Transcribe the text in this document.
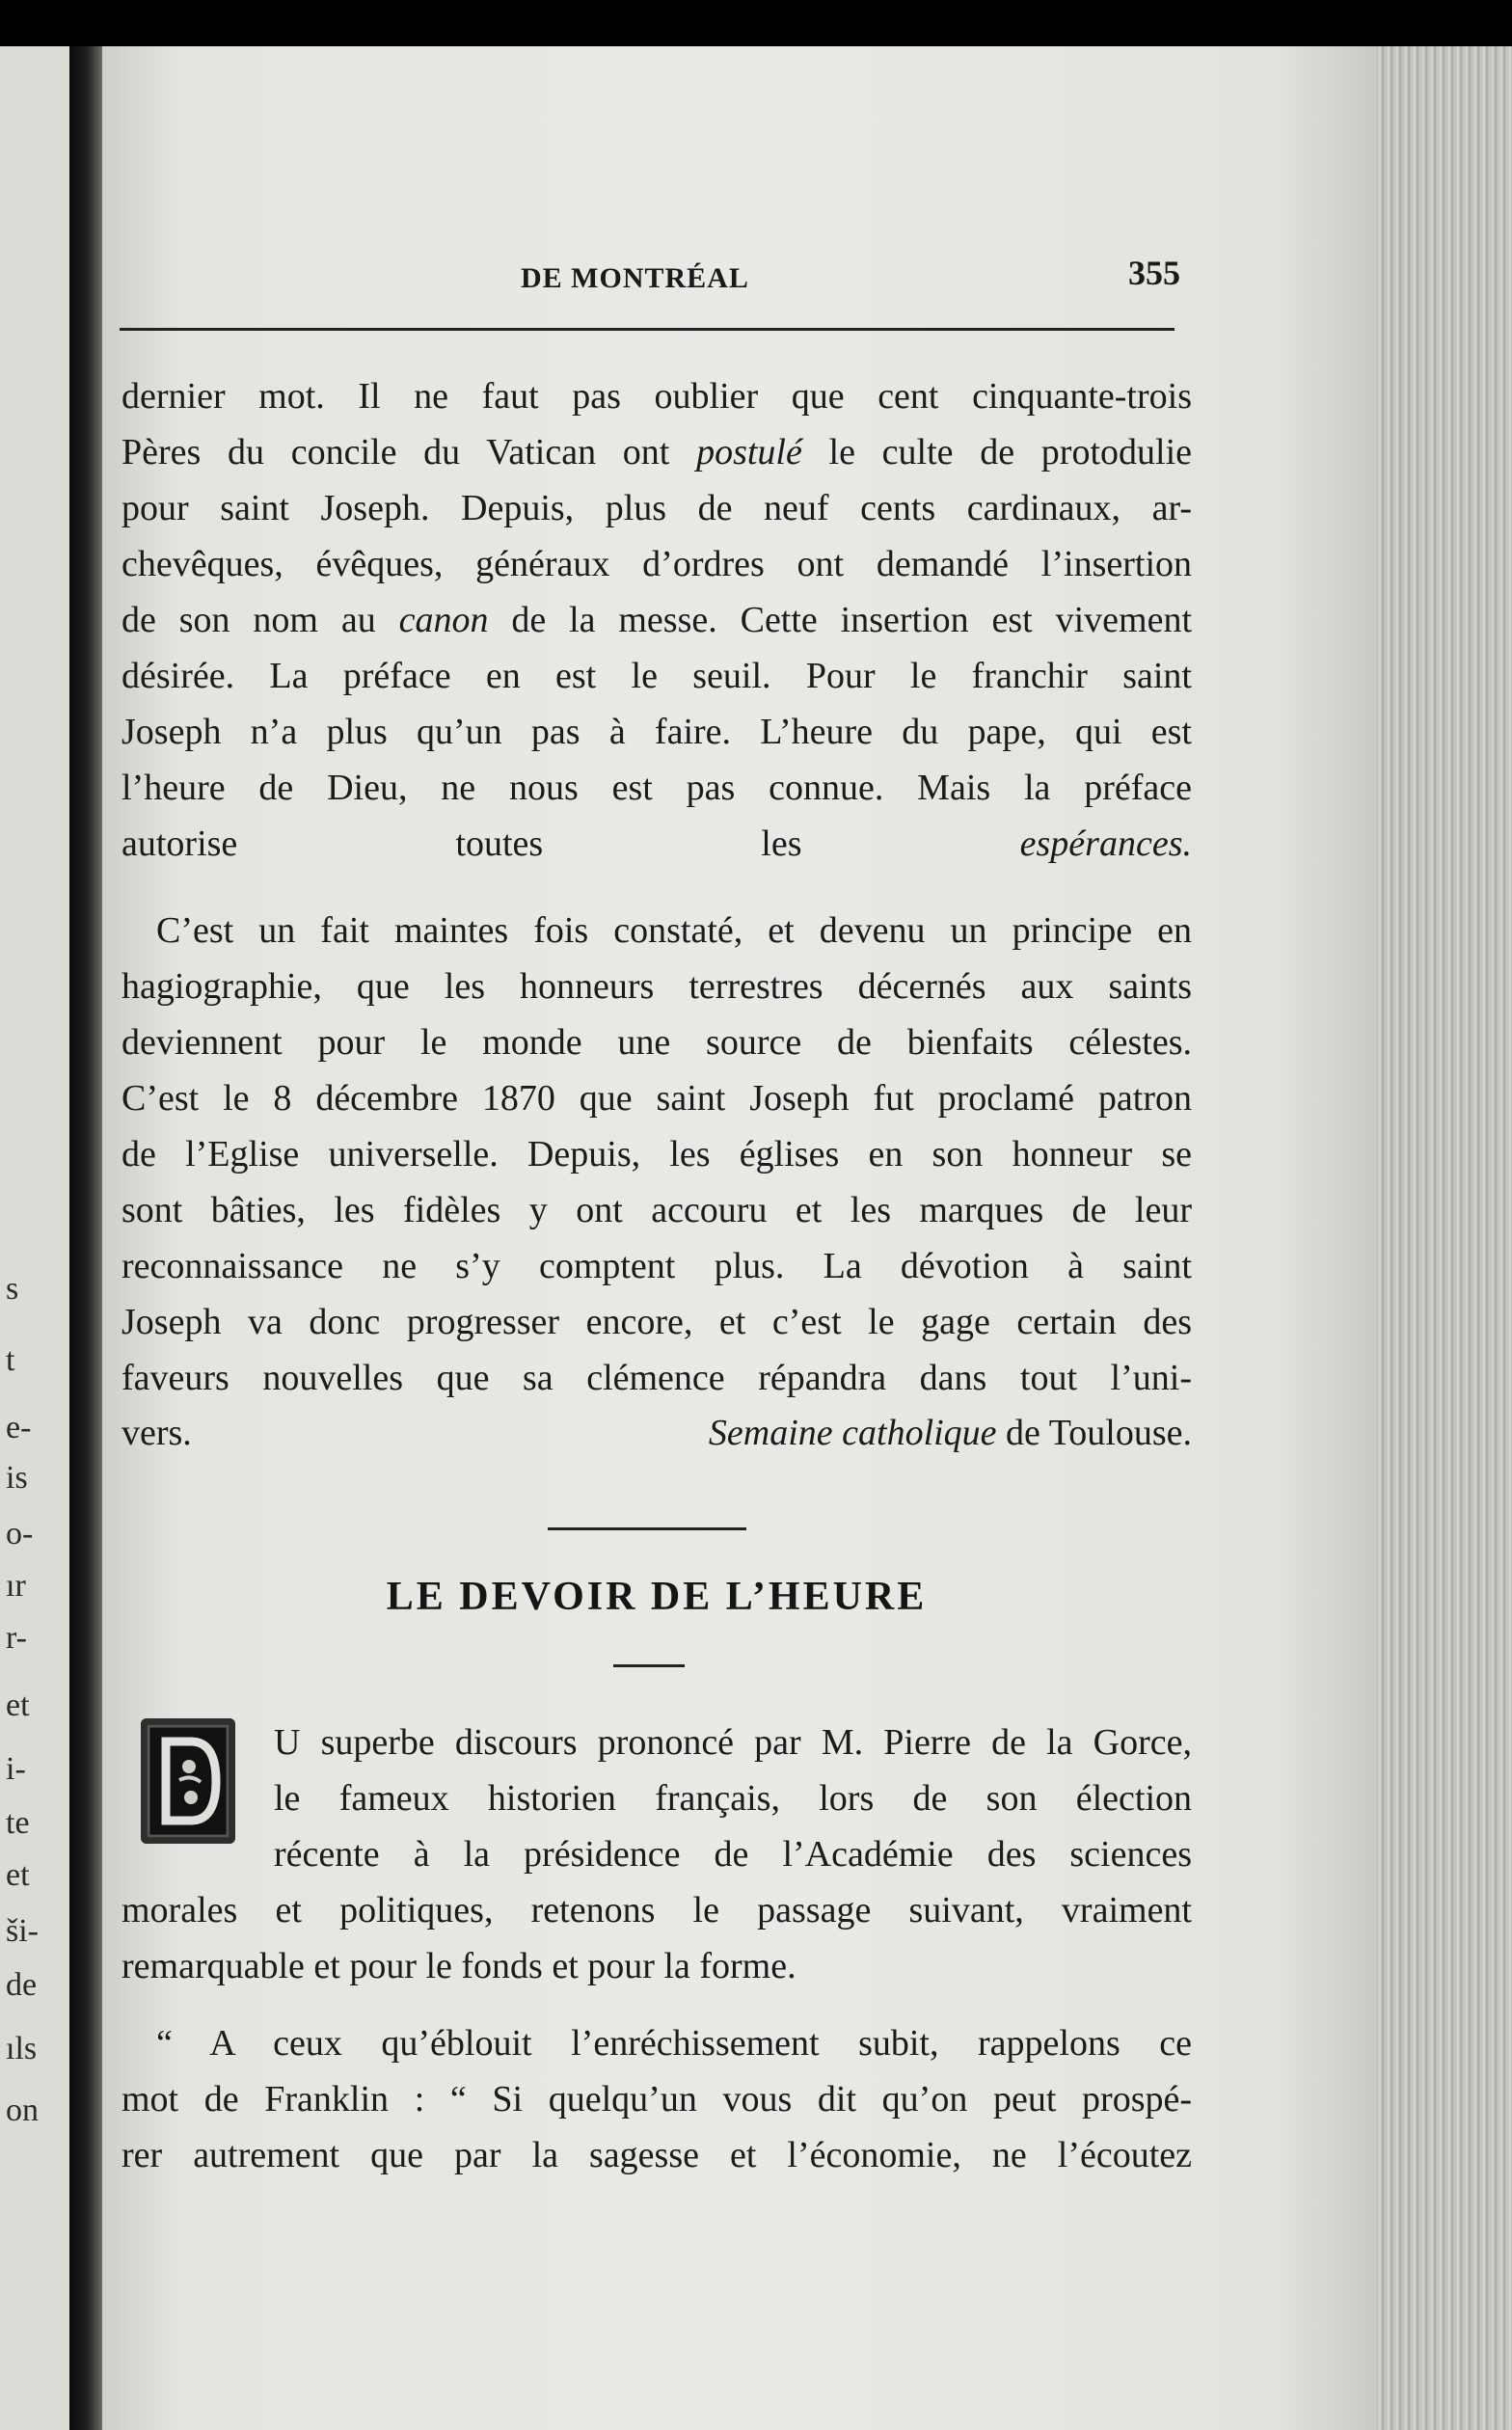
s
t
e-
is
o-
ır
r-
et
i-
te
et
ši-
de
ıls
on
DE MONTRÉAL	355
dernier mot. Il ne faut pas oublier que cent cinquante-trois
Pères du concile du Vatican ont postulé le culte de protodulie
pour saint Joseph. Depuis, plus de neuf cents cardinaux, ar-
chevêques, évêques, généraux d’ordres ont demandé l’insertion
de son nom au canon de la messe. Cette insertion est vivement
désirée. La préface en est le seuil. Pour le franchir saint
Joseph n’a plus qu’un pas à faire. L’heure du pape, qui est
l’heure de Dieu, ne nous est pas connue. Mais la préface
autorise toutes les espérances.
C’est un fait maintes fois constaté, et devenu un principe en
hagiographie, que les honneurs terrestres décernés aux saints
deviennent pour le monde une source de bienfaits célestes.
C’est le 8 décembre 1870 que saint Joseph fut proclamé patron
de l’Eglise universelle. Depuis, les églises en son honneur se
sont bâties, les fidèles y ont accouru et les marques de leur
reconnaissance ne s’y comptent plus. La dévotion à saint
Joseph va donc progresser encore, et c’est le gage certain des
faveurs nouvelles que sa clémence répandra dans tout l’uni-
vers.	Semaine catholique de Toulouse.
LE DEVOIR DE L’HEURE
U superbe discours prononcé par M. Pierre de la Gorce,
le fameux historien français, lors de son élection
récente à la présidence de l’Académie des sciences
morales et politiques, retenons le passage suivant, vraiment
remarquable et pour le fonds et pour la forme.
“ A ceux qu’éblouit l’enréchissement subit, rappelons ce
mot de Franklin : “ Si quelqu’un vous dit qu’on peut prospé-
rer autrement que par la sagesse et l’économie, ne l’écoutez
